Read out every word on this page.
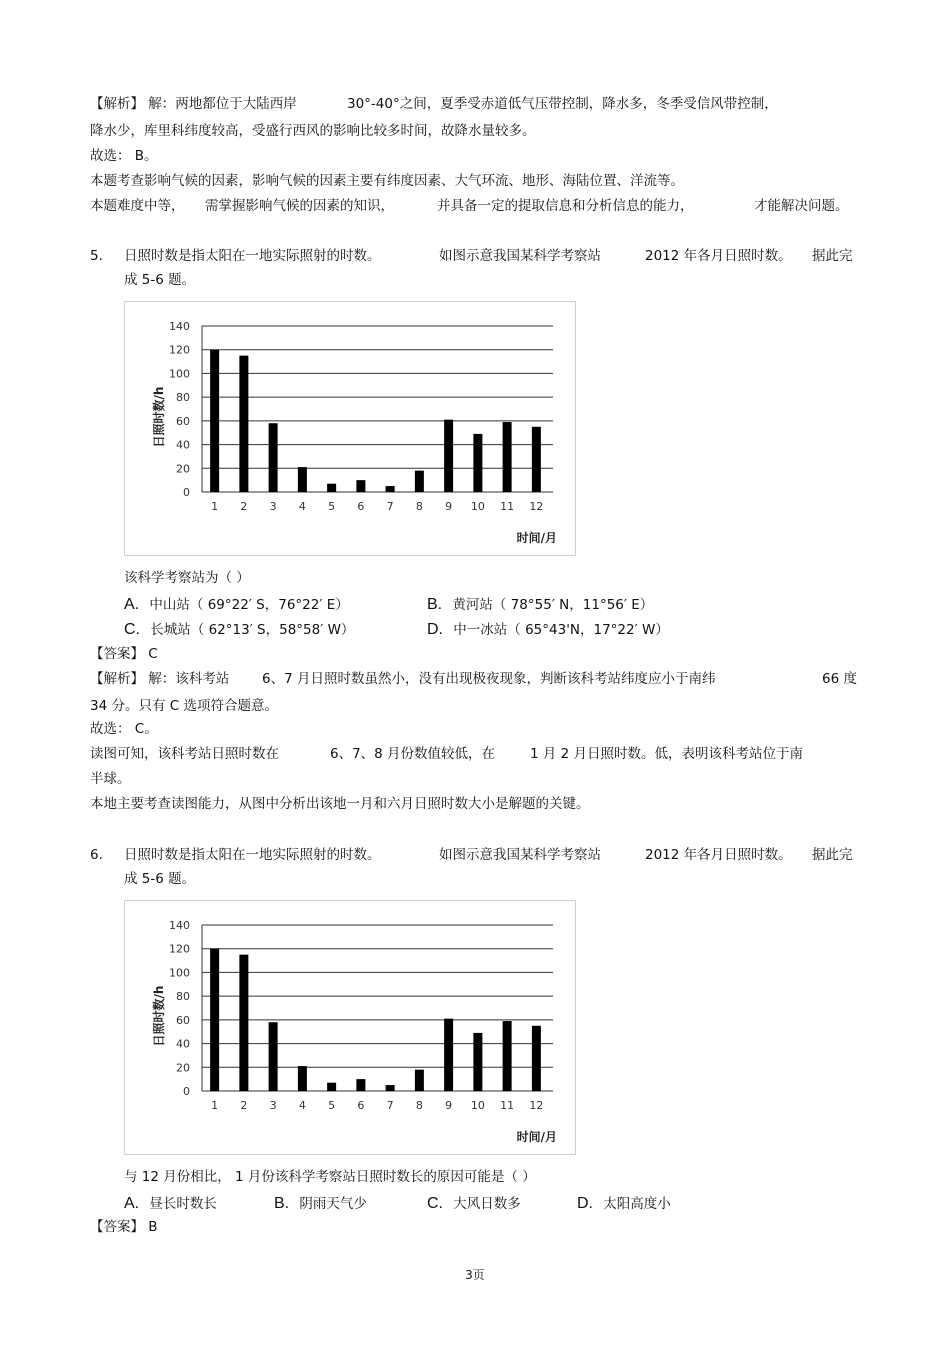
【解析】 解：两地都位于大陆西岸	30°-40°之间，夏季受赤道低气压带控制，降水多，冬季受信风带控制，
降水少，库里科纬度较高，受盛行西风的影响比较多时间，故降水量较多。
故选： B。
本题考查影响气候的因素，影响气候的因素主要有纬度因素、大气环流、地形、海陆位置、洋流等。
本题难度中等， 需掌握影响气候的因素的知识，	并具备一定的提取信息和分析信息的能力，	才能解决问题。
5. 日照时数是指太阳在一地实际照射的时数。	如图示意我国某科学考察站	2012 年各月日照时数。 据此完
成 5-6 题。
0
20
40
60
80
100
120
140
1 2 3 4 5 6 7 8 9 10 11 12
日照时数/h
时间/月
该科学考察站为（ ）
A. 中山站（ 69°22′ S，76°22′ E）	B. 黄河站（ 78°55′ N，11°56′ E）
C. 长城站（ 62°13′ S，58°58′ W）	D. 中一冰站（ 65°43'N，17°22′ W）
【答案】 C
【解析】 解：该科考站 6、7 月日照时数虽然小，没有出现极夜现象，判断该科考站纬度应小于南纬	66 度
34 分。只有 C 选项符合题意。
故选： C。
读图可知，该科考站日照时数在	6、7、8 月份数值较低，在	1 月 2 月日照时数。低，表明该科考站位于南
半球。
本地主要考查读图能力，从图中分析出该地一月和六月日照时数大小是解题的关键。
6. 日照时数是指太阳在一地实际照射的时数。	如图示意我国某科学考察站	2012 年各月日照时数。 据此完
成 5-6 题。
0
20
40
60
80
100
120
140
1 2 3 4 5 6 7 8 9 10 11 12
日照时数/h
时间/月
与 12 月份相比， 1 月份该科学考察站日照时数长的原因可能是（ ）
A. 昼长时数长	B. 阴雨天气少	C. 大风日数多	D. 太阳高度小
【答案】 B
3页
